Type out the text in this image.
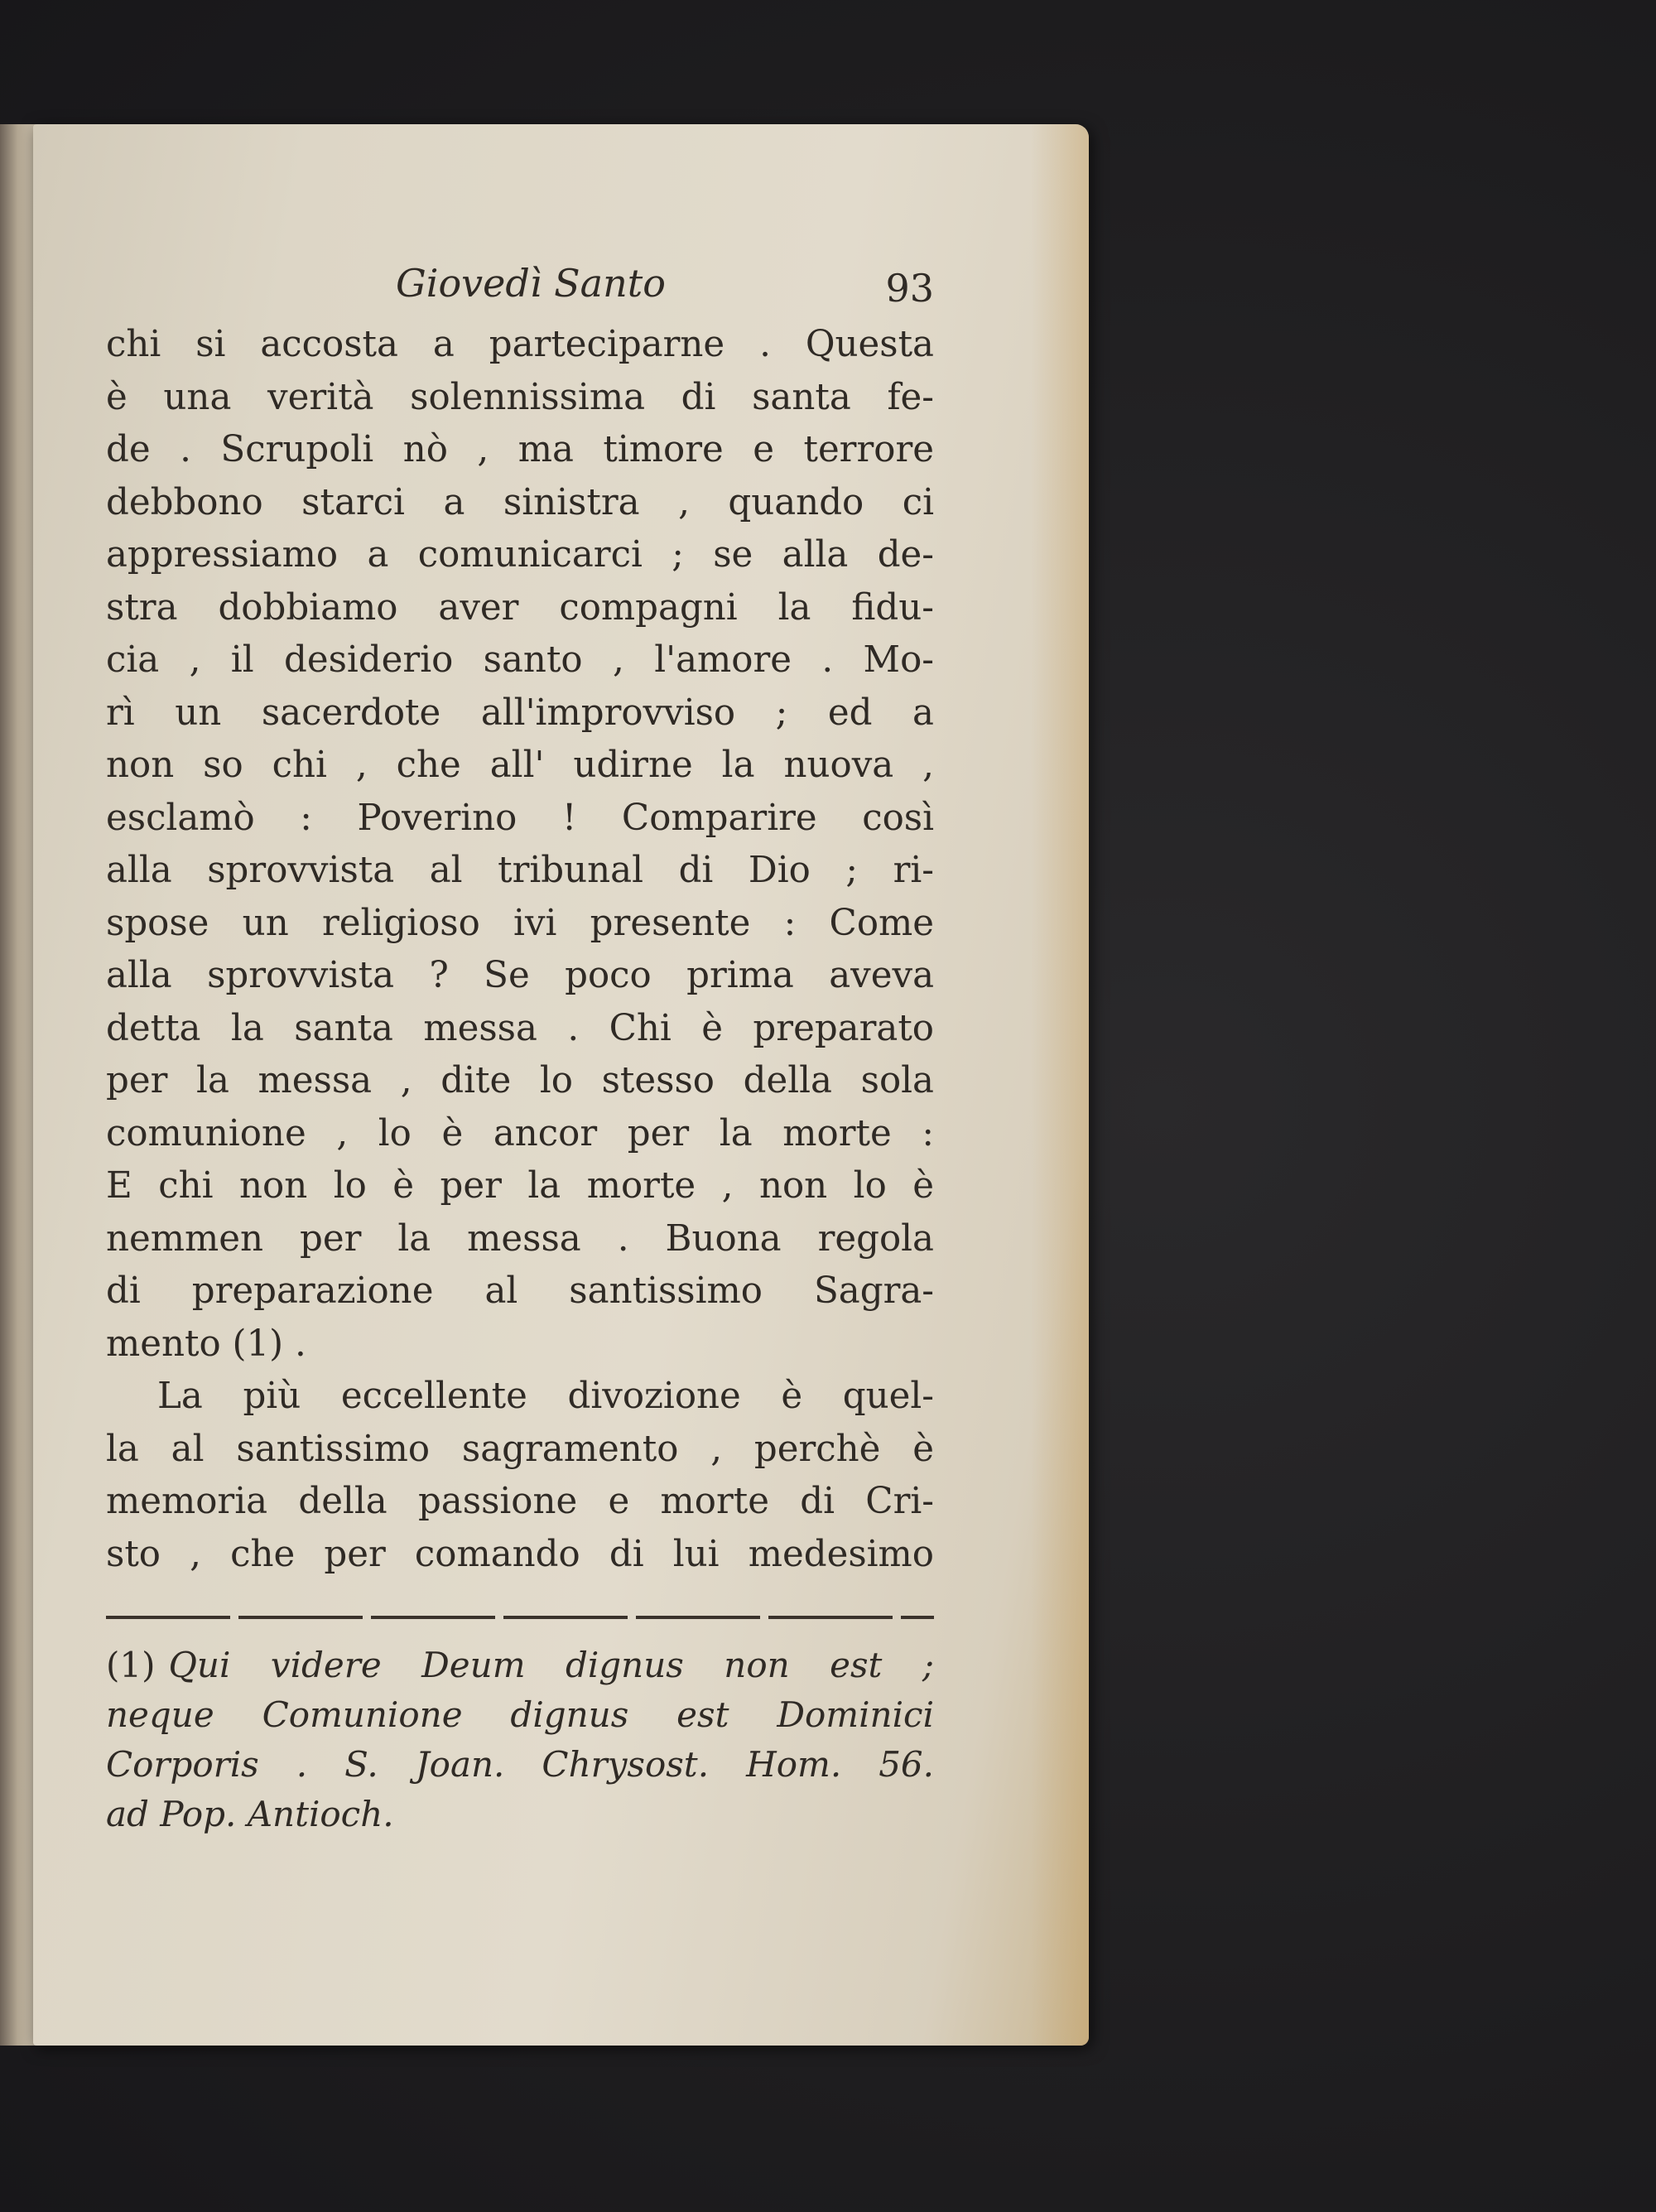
Giovedì Santo	93
chi si accosta a parteciparne . Questa
è una verità solennissima di santa fe-
de . Scrupoli nò , ma timore e terrore
debbono starci a sinistra , quando ci
appressiamo a comunicarci ; se alla de-
stra dobbiamo aver compagni la fidu-
cia , il desiderio santo , l'amore . Mo-
rì un sacerdote all'improvviso ; ed a
non so chi , che all' udirne la nuova ,
esclamò : Poverino ! Comparire così
alla sprovvista al tribunal di Dio ; ri-
spose un religioso ivi presente : Come
alla sprovvista ? Se poco prima aveva
detta la santa messa . Chi è preparato
per la messa , dite lo stesso della sola
comunione , lo è ancor per la morte :
E chi non lo è per la morte , non lo è
nemmen per la messa . Buona regola
di preparazione al santissimo Sagra-
mento (1) .
La più eccellente divozione è quel-
la al santissimo sagramento , perchè è
memoria della passione e morte di Cri-
sto , che per comando di lui medesimo
(1) Qui videre Deum dignus non est ;
neque Comunione dignus est Dominici
Corporis . S. Joan. Chrysost. Hom. 56.
ad Pop. Antioch.
